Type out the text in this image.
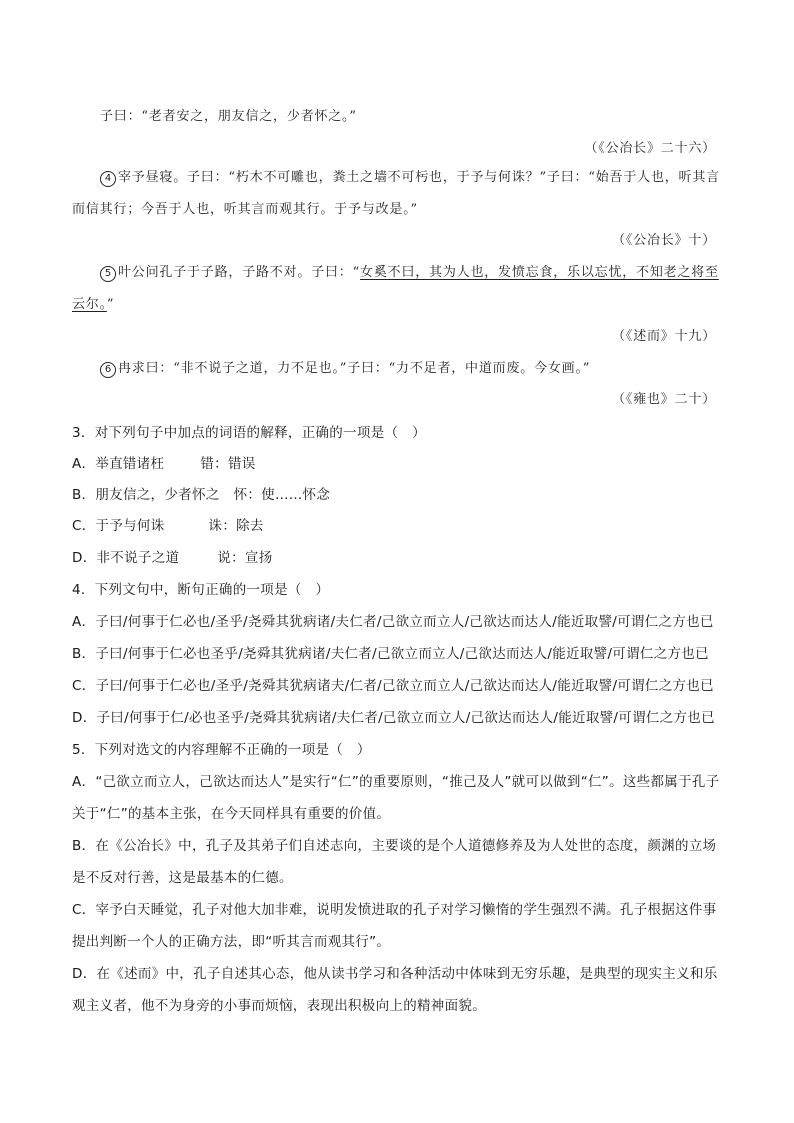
子曰：“老者安之，朋友信之，少者怀之。”
（《公冶长》二十六）
4 宰予昼寝。子曰：“朽木不可雕也，粪土之墙不可杇也，于予与何诛？”子曰：“始吾于人也，听其言
而信其行；今吾于人也，听其言而观其行。于予与改是。”
（《公冶长》十）
5 叶公问孔子于子路，子路不对。子曰：“女奚不曰，其为人也，发愤忘食，乐以忘忧，不知老之将至
云尔。”
（《述而》十九）
6 冉求曰：“非不说子之道，力不足也。”子曰：“力不足者，中道而废。今女画。”
（《雍也》二十）
3．对下列句子中加点的词语的解释，正确的一项是（　）
A．举直错诸枉	错：错误
B．朋友信之，少者怀之 怀：使……怀念
C．于予与何诛	诛：除去
D．非不说子之道	说：宣扬
4．下列文句中，断句正确的一项是（　）
A．子曰/何事于仁必也/圣乎/尧舜其犹病诸/夫仁者/己欲立而立人/己欲达而达人/能近取譬/可谓仁之方也已
B．子曰/何事于仁必也圣乎/尧舜其犹病诸/夫仁者/己欲立而立人/己欲达而达人/能近取譬/可谓仁之方也已
C．子曰/何事于仁必也/圣乎/尧舜其犹病诸夫/仁者/己欲立而立人/己欲达而达人/能近取譬/可谓仁之方也已
D．子曰/何事于仁/必也圣乎/尧舜其犹病诸/夫仁者/己欲立而立人/己欲达而达人/能近取譬/可谓仁之方也已
5．下列对选文的内容理解不正确的一项是（　）
A．“己欲立而立人，己欲达而达人”是实行“仁”的重要原则，“推己及人”就可以做到“仁”。这些都属于孔子
关于“仁”的基本主张，在今天同样具有重要的价值。
B．在《公冶长》中，孔子及其弟子们自述志向，主要谈的是个人道德修养及为人处世的态度，颜渊的立场
是不反对行善，这是最基本的仁德。
C．宰予白天睡觉，孔子对他大加非难，说明发愤进取的孔子对学习懒惰的学生强烈不满。孔子根据这件事
提出判断一个人的正确方法，即“听其言而观其行”。
D．在《述而》中，孔子自述其心态，他从读书学习和各种活动中体味到无穷乐趣，是典型的现实主义和乐
观主义者，他不为身旁的小事而烦恼，表现出积极向上的精神面貌。
